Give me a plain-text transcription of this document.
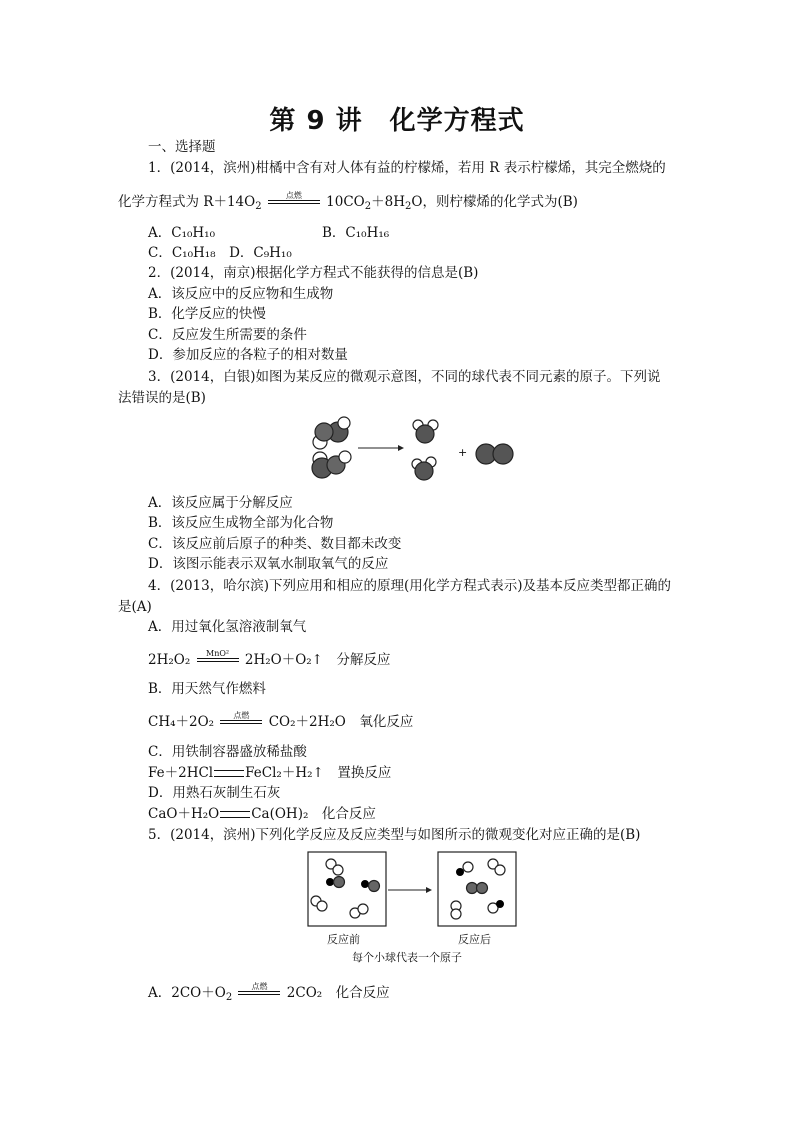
第 9 讲　化学方程式
一、选择题
1．(2014，滨州)柑橘中含有对人体有益的柠檬烯，若用 R 表示柠檬烯，其完全燃烧的
化学方程式为 $R+14O_2$
点燃	$10CO_2+8H_2O$，则柠檬烯的化学式为(B)
A．C₁₀H₁₀	B．C₁₀H₁₆
C．C₁₀H₁₈　D．C₉H₁₀
2．(2014，南京)根据化学方程式不能获得的信息是(B)
A．该反应中的反应物和生成物
B．化学反应的快慢
C．反应发生所需要的条件
D．参加反应的各粒子的相对数量
3．(2014，白银)如图为某反应的微观示意图，不同的球代表不同元素的原子。下列说
法错误的是(B)
+
A．该反应属于分解反应
B．该反应生成物全部为化合物
C．该反应前后原子的种类、数目都未改变
D．该图示能表示双氧水制取氧气的反应
4．(2013，哈尔滨)下列应用和相应的原理(用化学方程式表示)及基本反应类型都正确的
是(A)
A．用过氧化氢溶液制氧气
2H₂O₂	MnO²	2H₂O＋O₂↑　分解反应
B．用天然气作燃料
CH₄＋2O₂	点燃	CO₂＋2H₂O　氧化反应
C．用铁制容器盛放稀盐酸
Fe＋2HCl FeCl₂＋H₂↑　置换反应
D．用熟石灰制生石灰
CaO＋H₂O Ca(OH)₂　化合反应
5．(2014，滨州)下列化学反应及反应类型与如图所示的微观变化对应正确的是(B)
反应前	反应后
每个小球代表一个原子
A．$2CO+O_2$
点燃	2CO₂　化合反应
